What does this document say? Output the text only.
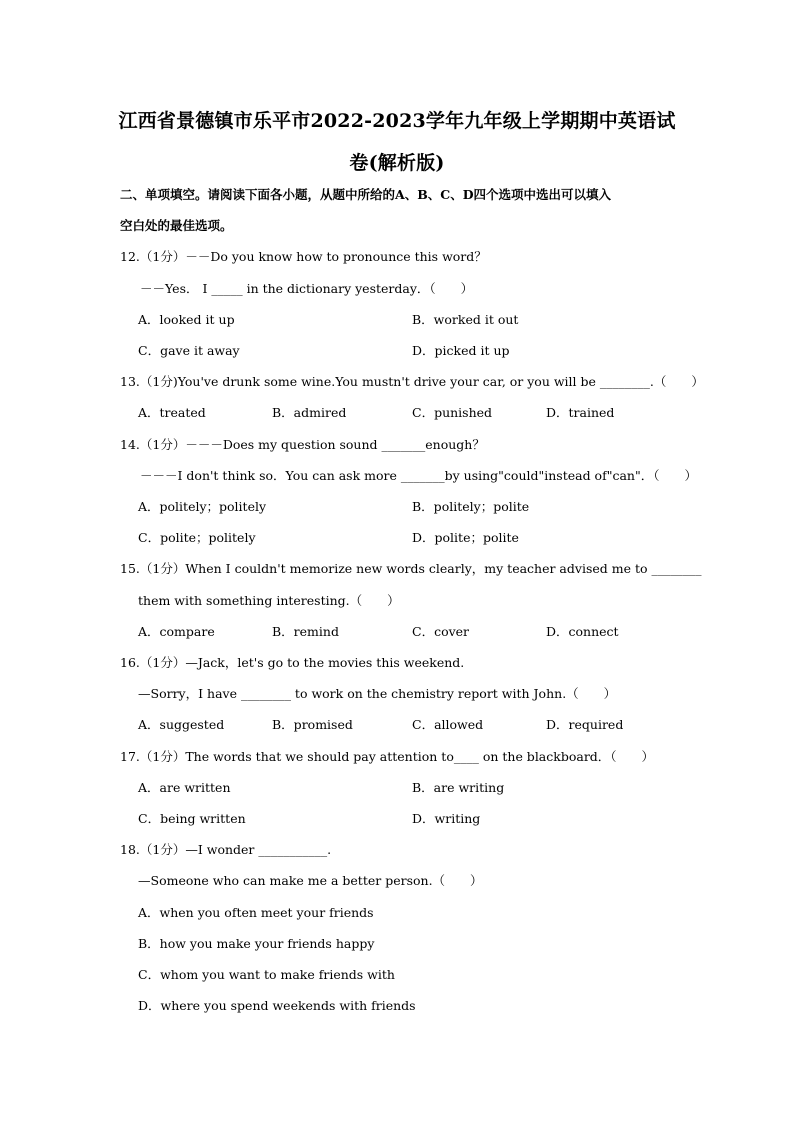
江西省景德镇市乐平市2022-2023学年九年级上学期期中英语试
卷(解析版)
二、单项填空。请阅读下面各小题，从题中所给的A、B、C、D四个选项中选出可以填入
空白处的最佳选项。
12.（1分）－－Do you know how to pronounce this word？
－－Yes． I _____ in the dictionary yesterday．（　　）
A．looked it up	B．worked it out
C．gave it away	D．picked it up
13.（1分)You've drunk some wine.You mustn't drive your car, or you will be ________.（　　）
A．treated	B．admired	C．punished	D．trained
14.（1分）－－－Does my question sound _______enough？
－－－I don't think so．You can ask more _______by using"could"instead of"can"．（　　）
A．politely；politely	B．politely；polite
C．polite；politely	D．polite；polite
15.（1分）When I couldn't memorize new words clearly，my teacher advised me to ________
them with something interesting.（　　）
A．compare	B．remind	C．cover	D．connect
16.（1分）—Jack，let's go to the movies this weekend.
—Sorry，I have ________ to work on the chemistry report with John.（　　）
A．suggested	B．promised	C．allowed	D．required
17.（1分）The words that we should pay attention to____ on the blackboard．（　　）
A．are written	B．are writing
C．being written	D．writing
18.（1分）—I wonder ___________.
—Someone who can make me a better person.（　　）
A．when you often meet your friends
B．how you make your friends happy
C．whom you want to make friends with
D．where you spend weekends with friends
